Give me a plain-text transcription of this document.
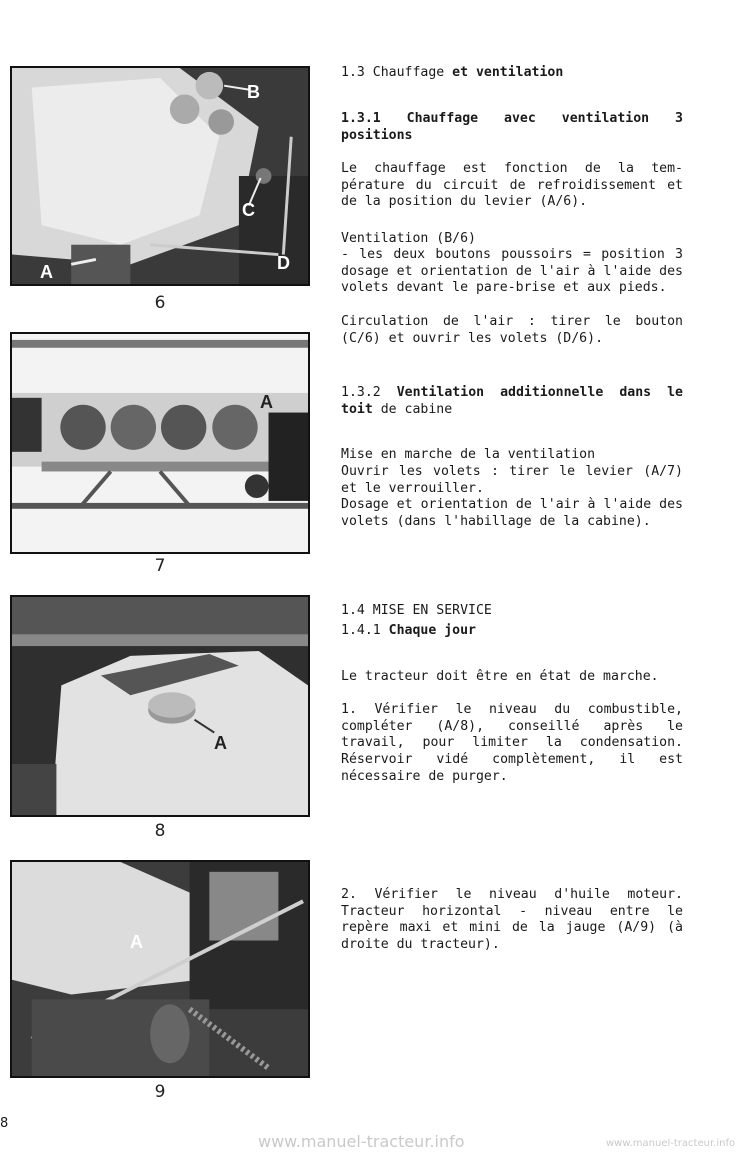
B
C
D
A
6
A
7
A
8
A
9
1.3 Chauffage et ventilation

1.3.1 Chauffage avec ventilation 3 positions

Le chauffage est fonction de la tem-pérature du circuit de refroidissement et de la position du levier (A/6).

Ventilation (B/6)

- les deux boutons poussoirs = position 3 dosage et orientation de l'air à l'aide des volets devant le pare-brise et aux pieds.

Circulation de l'air : tirer le bouton (C/6) et ouvrir les volets (D/6).

1.3.2 Ventilation additionnelle dans le toit de cabine

Mise en marche de la ventilation

Ouvrir les volets : tirer le levier (A/7) et le verrouiller.

Dosage et orientation de l'air à l'aide des volets (dans l'habillage de la cabine).

1.4 MISE EN SERVICE

1.4.1 Chaque jour

Le tracteur doit être en état de marche.

1. Vérifier le niveau du combustible, compléter (A/8), conseillé après le travail, pour limiter la condensation. Réservoir vidé complètement, il est nécessaire de purger.

2. Vérifier le niveau d'huile moteur. Tracteur horizontal - niveau entre le repère maxi et mini de la jauge (A/9) (à droite du tracteur).

8
www.manuel-tracteur.info	www.manuel-tracteur.info
